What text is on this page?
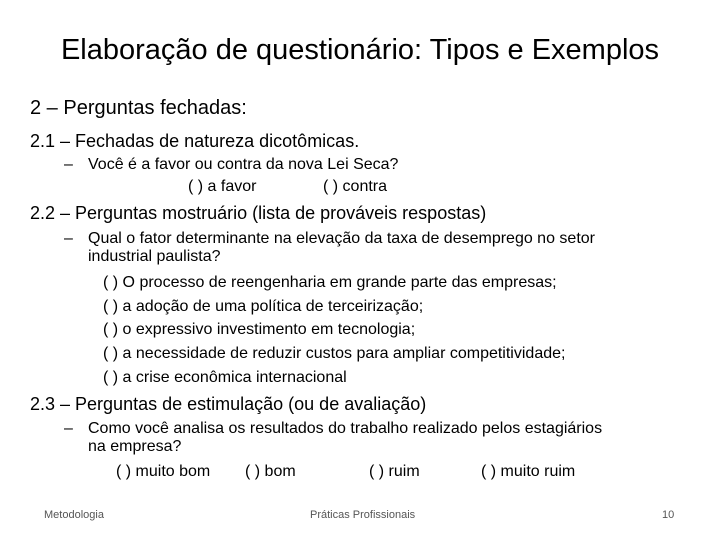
Elaboração de questionário: Tipos e Exemplos
2 – Perguntas fechadas:
2.1 – Fechadas de natureza dicotômicas.
– Você é a favor ou contra da nova Lei Seca?
( ) a favor	( ) contra
2.2 – Perguntas mostruário (lista de prováveis respostas)
– Qual o fator determinante na elevação da taxa de desemprego no setor
industrial paulista?
( ) O processo de reengenharia em grande parte das empresas;
( ) a adoção de uma política de terceirização;
( ) o expressivo investimento em tecnologia;
( ) a necessidade de reduzir custos para ampliar competitividade;
( ) a crise econômica internacional
2.3 – Perguntas de estimulação (ou de avaliação)
– Como você analisa os resultados do trabalho realizado pelos estagiários
na empresa?
( ) muito bom ( ) bom	( ) ruim	( ) muito ruim
Metodologia	Práticas Profissionais	10
